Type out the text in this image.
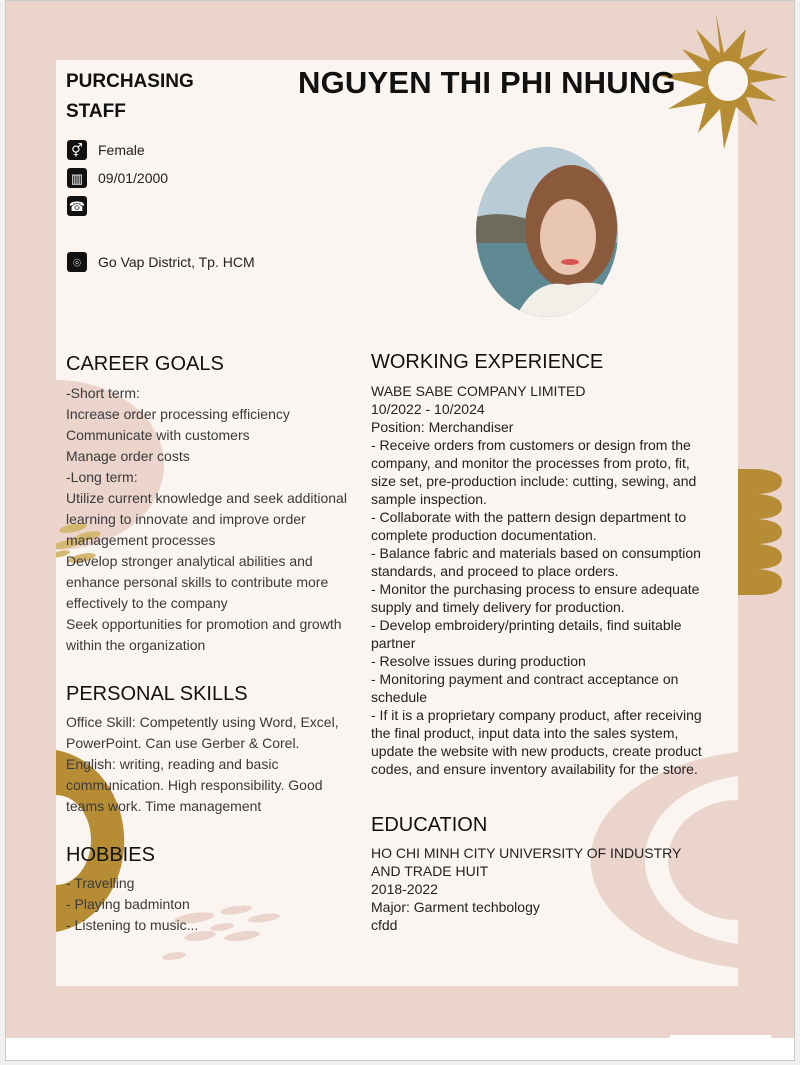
PURCHASING
STAFF
NGUYEN THI PHI NHUNG
⚥ Female
▥ 09/01/2000
☎
⌾	Go Vap District, Tp. HCM
CAREER GOALS
-Short term:
Increase order processing efficiency
Communicate with customers
Manage order costs
-Long term:
Utilize current knowledge and seek additional
learning to innovate and improve order
management processes
Develop stronger analytical abilities and
enhance personal skills to contribute more
effectively to the company
Seek opportunities for promotion and growth
within the organization
PERSONAL SKILLS
Office Skill: Competently using Word, Excel,
PowerPoint. Can use Gerber & Corel.
English: writing, reading and basic
communication. High responsibility. Good
teams work. Time management
HOBBIES
- Travelling
- Playing badminton
- Listening to music...
WORKING EXPERIENCE
WABE SABE COMPANY LIMITED
10/2022 - 10/2024
Position: Merchandiser
- Receive orders from customers or design from the
company, and monitor the processes from proto, fit,
size set, pre-production include: cutting, sewing, and
sample inspection.
- Collaborate with the pattern design department to
complete production documentation.
- Balance fabric and materials based on consumption
standards, and proceed to place orders.
- Monitor the purchasing process to ensure adequate
supply and timely delivery for production.
- Develop embroidery/printing details, find suitable
partner
- Resolve issues during production
- Monitoring payment and contract acceptance on
schedule
- If it is a proprietary company product, after receiving
the final product, input data into the sales system,
update the website with new products, create product
codes, and ensure inventory availability for the store.
EDUCATION
HO CHI MINH CITY UNIVERSITY OF INDUSTRY
AND TRADE HUIT
2018-2022
Major: Garment techbology
cfdd
